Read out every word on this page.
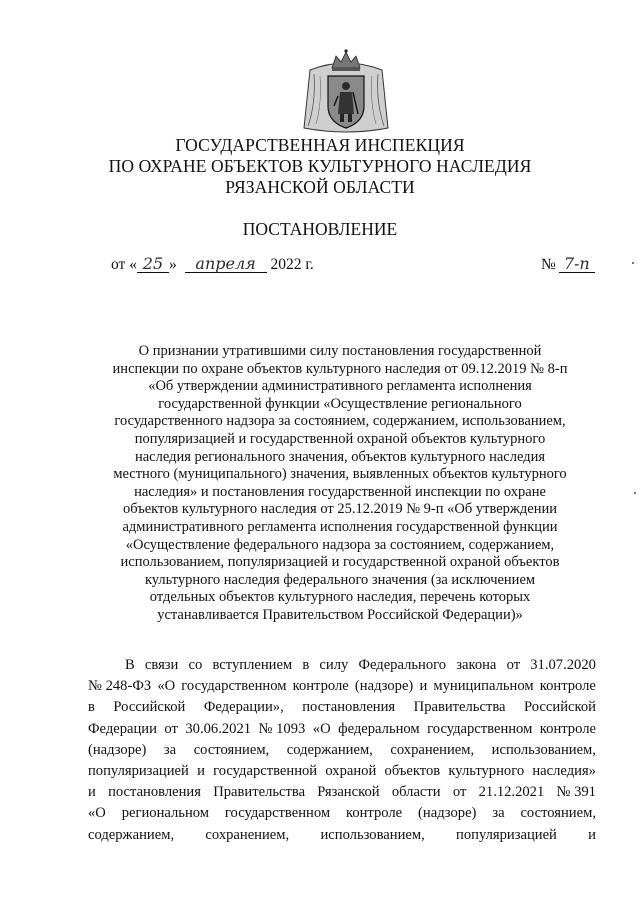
ГОСУДАРСТВЕННАЯ ИНСПЕКЦИЯ
ПО ОХРАНЕ ОБЪЕКТОВ КУЛЬТУРНОГО НАСЛЕДИЯ
РЯЗАНСКОЙ ОБЛАСТИ
ПОСТАНОВЛЕНИЕ
от « 25 » апреля 2022 г.	№ 7-п

О признании утратившими силу постановления государственной

инспекции по охране объектов культурного наследия от 09.12.2019 № 8-п

«Об утверждении административного регламента исполнения

государственной функции «Осуществление регионального

государственного надзора за состоянием, содержанием, использованием,

популяризацией и государственной охраной объектов культурного

наследия регионального значения, объектов культурного наследия

местного (муниципального) значения, выявленных объектов культурного

наследия» и постановления государственной инспекции по охране

объектов культурного наследия от 25.12.2019 № 9-п «Об утверждении

административного регламента исполнения государственной функции

«Осуществление федерального надзора за состоянием, содержанием,

использованием, популяризацией и государственной охраной объектов

культурного наследия федерального значения (за исключением

отдельных объектов культурного наследия, перечень которых

устанавливается Правительством Российской Федерации)»

В связи со вступлением в силу Федерального закона от 31.07.2020

№ 248-ФЗ «О государственном контроле (надзоре) и муниципальном контроле

в Российской Федерации», постановления Правительства Российской

Федерации от 30.06.2021 № 1093 «О федеральном государственном контроле

(надзоре) за состоянием, содержанием, сохранением, использованием,

популяризацией и государственной охраной объектов культурного наследия»

и постановления Правительства Рязанской области от 21.12.2021 № 391

«О региональном государственном контроле (надзоре) за состоянием,

содержанием, сохранением, использованием, популяризацией и
